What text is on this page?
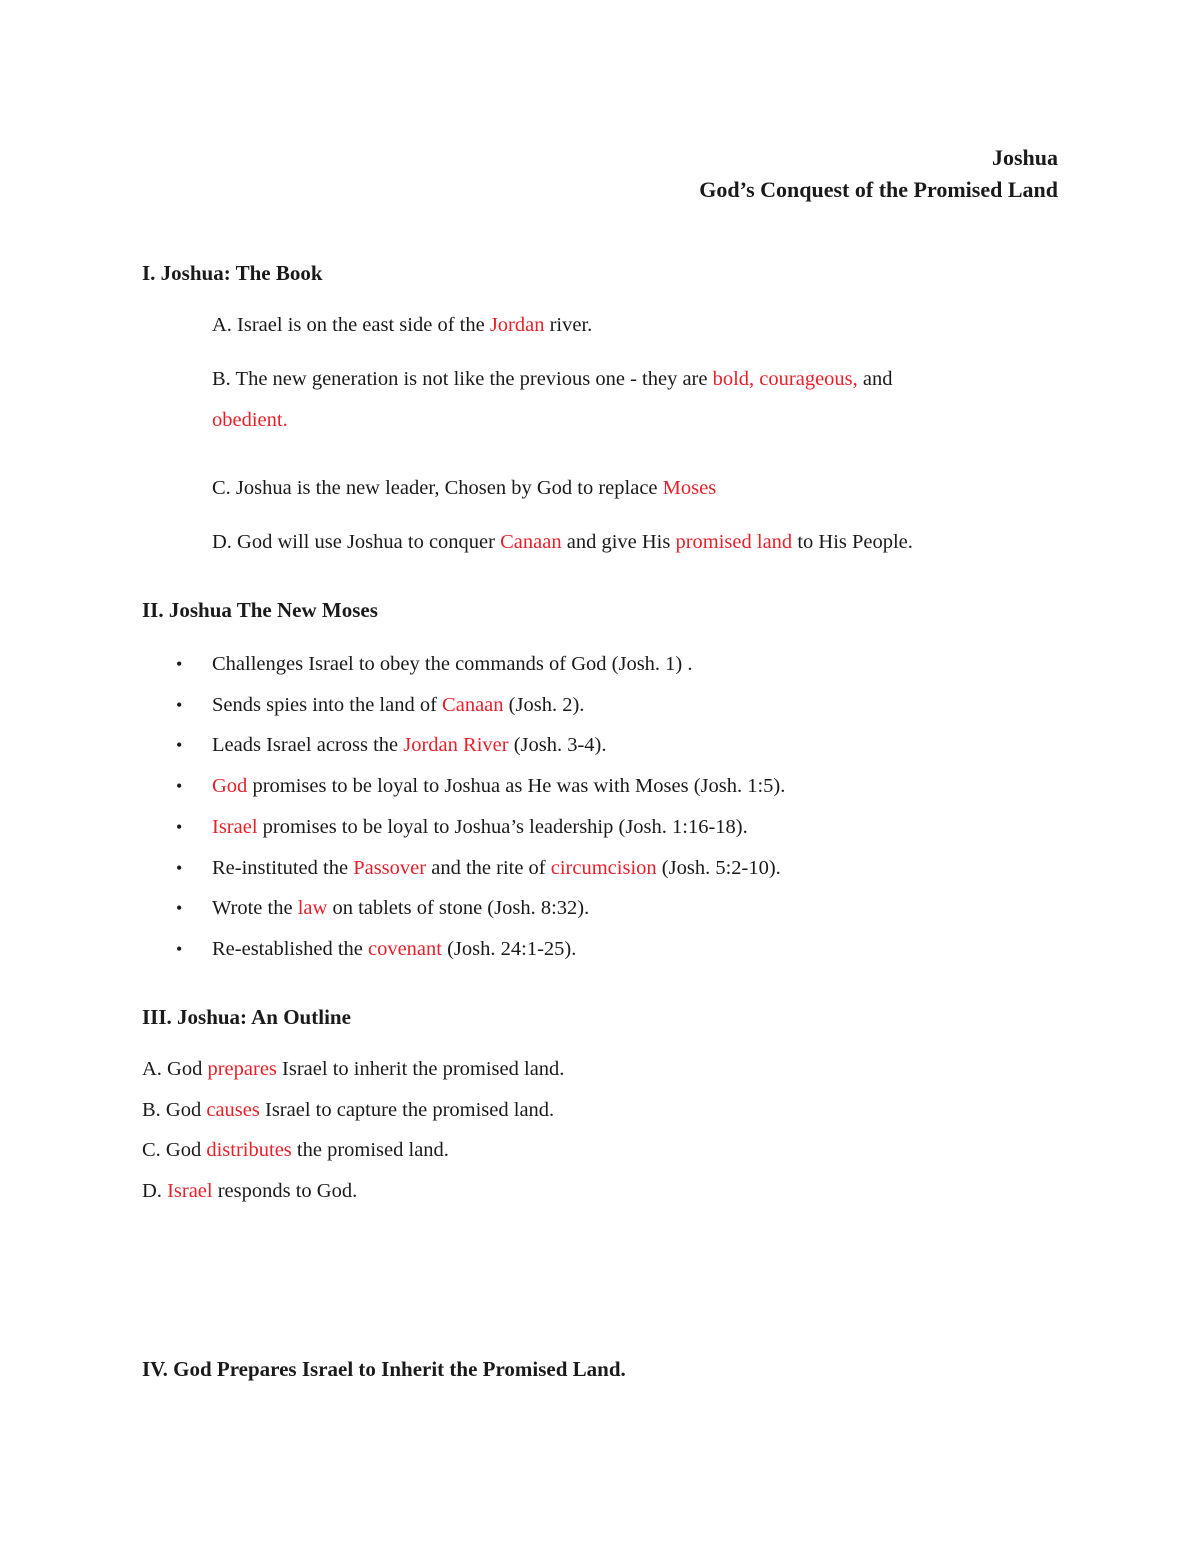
Joshua
God’s Conquest of the Promised Land
I. Joshua: The Book
A. Israel is on the east side of the Jordan river.
B. The new generation is not like the previous one - they are bold, courageous, and
obedient.
C. Joshua is the new leader, Chosen by God to replace Moses
D. God will use Joshua to conquer Canaan and give His promised land to His People.
II. Joshua The New Moses
• Challenges Israel to obey the commands of God (Josh. 1) .
• Sends spies into the land of Canaan (Josh. 2).
• Leads Israel across the Jordan River (Josh. 3-4).
• God promises to be loyal to Joshua as He was with Moses (Josh. 1:5).
• Israel promises to be loyal to Joshua’s leadership (Josh. 1:16-18).
• Re-instituted the Passover and the rite of circumcision (Josh. 5:2-10).
• Wrote the law on tablets of stone (Josh. 8:32).
• Re-established the covenant (Josh. 24:1-25).
III. Joshua: An Outline
A. God prepares Israel to inherit the promised land.
B. God causes Israel to capture the promised land.
C. God distributes the promised land.
D. Israel responds to God.
IV. God Prepares Israel to Inherit the Promised Land.
